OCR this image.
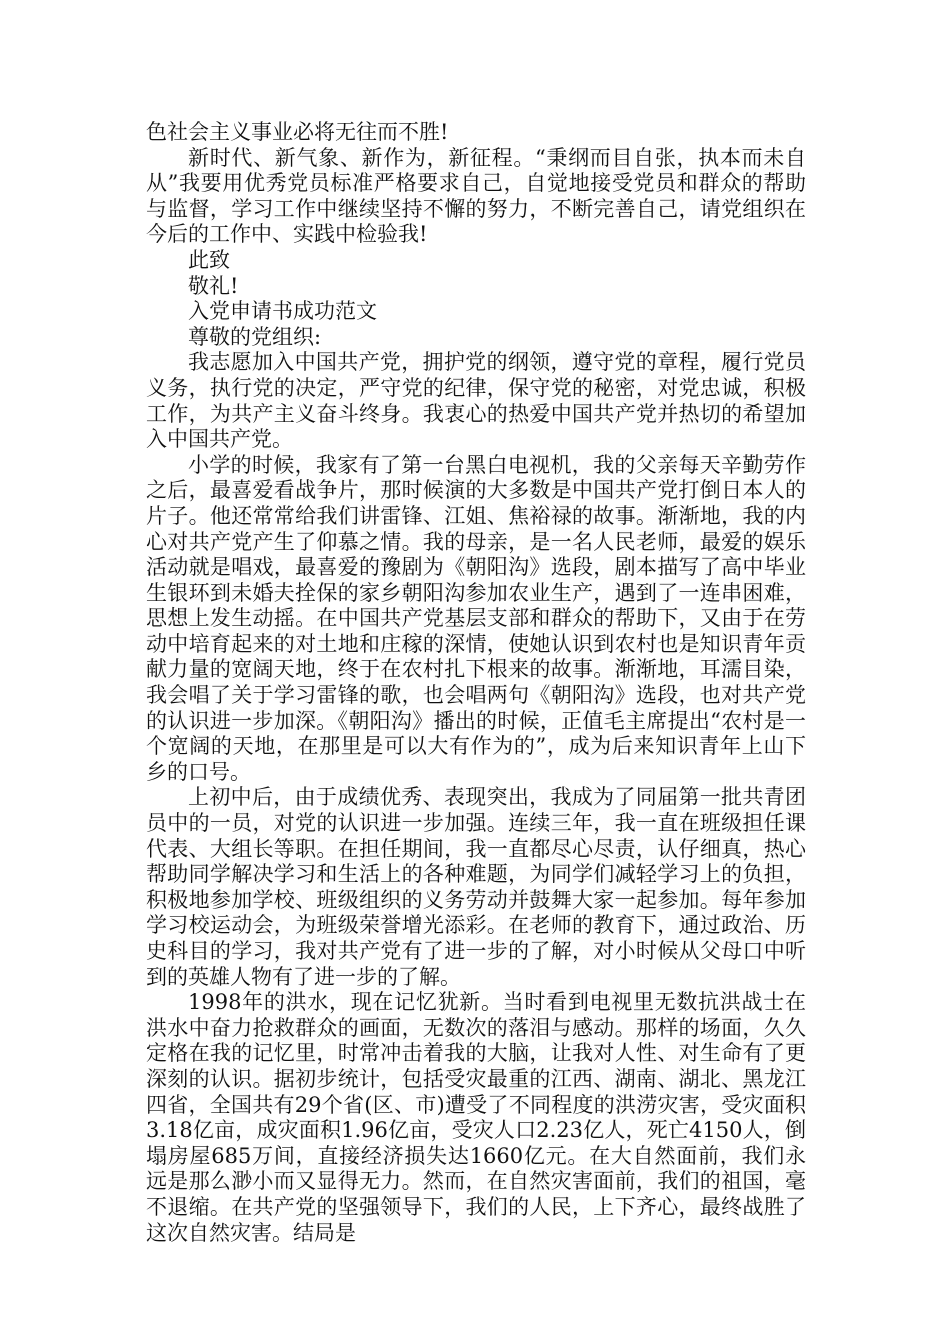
色社会主义事业必将无往而不胜!

新时代、新气象、新作为，新征程。“秉纲而目自张，执本而未自从”我要用优秀党员标准严格要求自己，自觉地接受党员和群众的帮助与监督，学习工作中继续坚持不懈的努力，不断完善自己，请党组织在今后的工作中、实践中检验我!

此致

敬礼!

入党申请书成功范文

尊敬的党组织:

我志愿加入中国共产党，拥护党的纲领，遵守党的章程，履行党员义务，执行党的决定，严守党的纪律，保守党的秘密，对党忠诚，积极工作，为共产主义奋斗终身。我衷心的热爱中国共产党并热切的希望加入中国共产党。

小学的时候，我家有了第一台黑白电视机，我的父亲每天辛勤劳作之后，最喜爱看战争片，那时候演的大多数是中国共产党打倒日本人的片子。他还常常给我们讲雷锋、江姐、焦裕禄的故事。渐渐地，我的内心对共产党产生了仰慕之情。我的母亲，是一名人民老师，最爱的娱乐活动就是唱戏，最喜爱的豫剧为《朝阳沟》选段，剧本描写了高中毕业生银环到未婚夫拴保的家乡朝阳沟参加农业生产，遇到了一连串困难，思想上发生动摇。在中国共产党基层支部和群众的帮助下，又由于在劳动中培育起来的对土地和庄稼的深情，使她认识到农村也是知识青年贡献力量的宽阔天地，终于在农村扎下根来的故事。渐渐地，耳濡目染，我会唱了关于学习雷锋的歌，也会唱两句《朝阳沟》选段，也对共产党的认识进一步加深。《朝阳沟》播出的时候，正值毛主席提出“农村是一个宽阔的天地，在那里是可以大有作为的”，成为后来知识青年上山下乡的口号。

上初中后，由于成绩优秀、表现突出，我成为了同届第一批共青团员中的一员，对党的认识进一步加强。连续三年，我一直在班级担任课代表、大组长等职。在担任期间，我一直都尽心尽责，认仔细真，热心帮助同学解决学习和生活上的各种难题，为同学们减轻学习上的负担，积极地参加学校、班级组织的义务劳动并鼓舞大家一起参加。每年参加学习校运动会，为班级荣誉增光添彩。在老师的教育下，通过政治、历史科目的学习，我对共产党有了进一步的了解，对小时候从父母口中听到的英雄人物有了进一步的了解。

1998年的洪水，现在记忆犹新。当时看到电视里无数抗洪战士在洪水中奋力抢救群众的画面，无数次的落泪与感动。那样的场面，久久定格在我的记忆里，时常冲击着我的大脑，让我对人性、对生命有了更深刻的认识。据初步统计，包括受灾最重的江西、湖南、湖北、黑龙江四省，全国共有29个省(区、市)遭受了不同程度的洪涝灾害，受灾面积3.18亿亩，成灾面积1.96亿亩，受灾人口2.23亿人，死亡4150人，倒塌房屋685万间，直接经济损失达1660亿元。在大自然面前，我们永远是那么渺小而又显得无力。然而，在自然灾害面前，我们的祖国，毫不退缩。在共产党的坚强领导下，我们的人民，上下齐心，最终战胜了这次自然灾害。结局是
